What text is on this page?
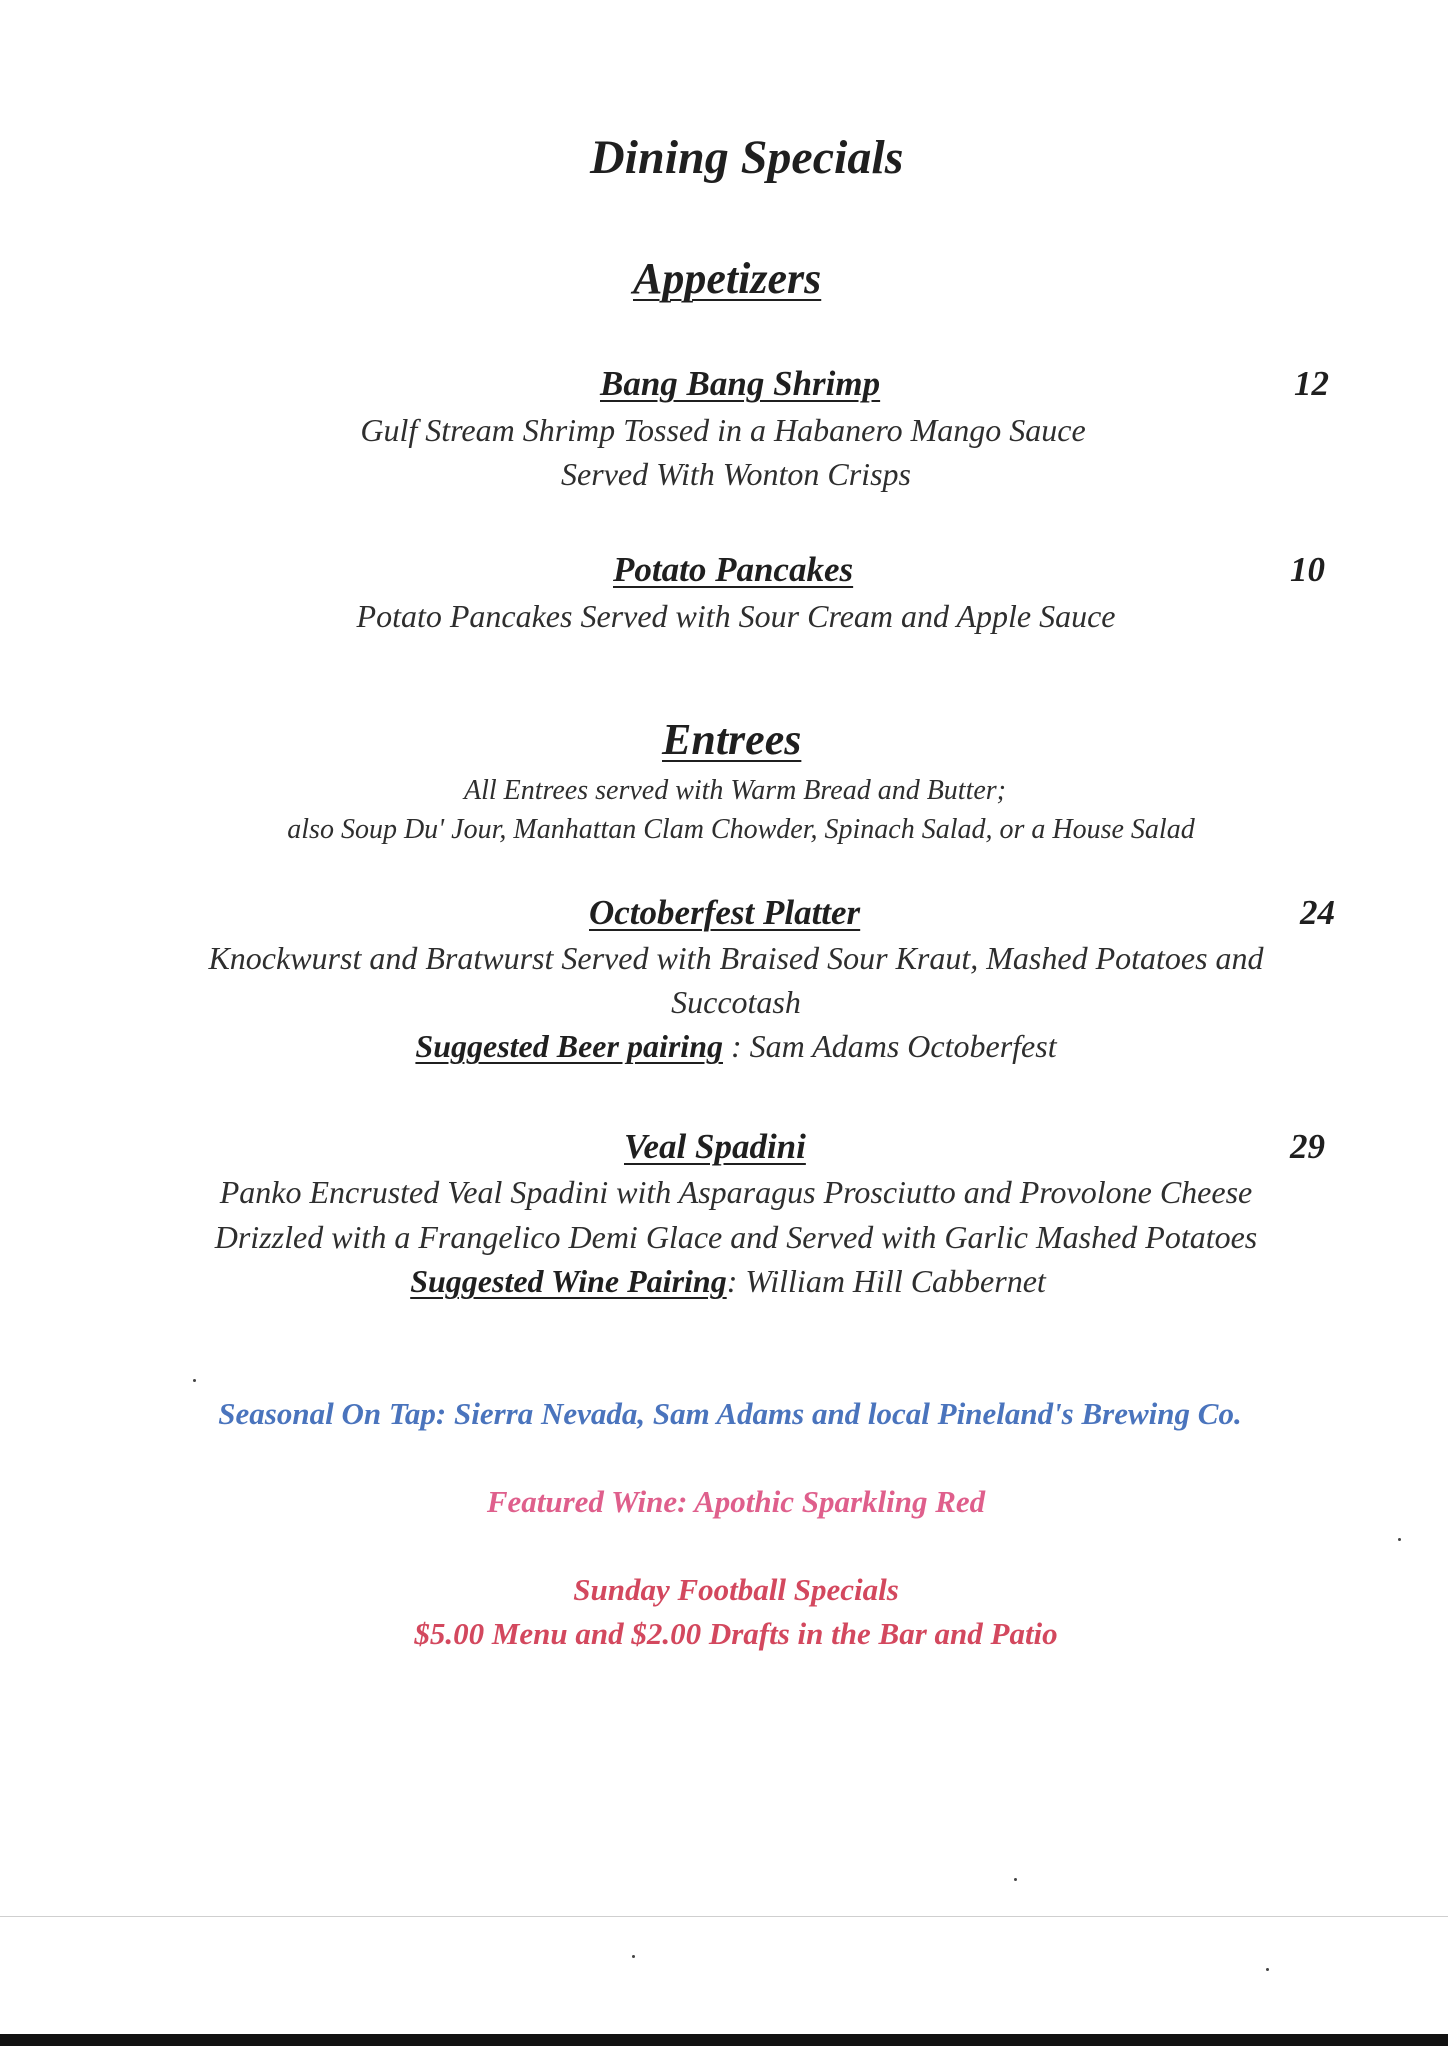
Dining Specials
Appetizers
Bang Bang Shrimp	12
Gulf Stream Shrimp Tossed in a Habanero Mango Sauce
Served With Wonton Crisps
Potato Pancakes	10
Potato Pancakes Served with Sour Cream and Apple Sauce
Entrees
All Entrees served with Warm Bread and Butter;
also Soup Du' Jour, Manhattan Clam Chowder, Spinach Salad, or a House Salad
Octoberfest Platter	24
Knockwurst and Bratwurst Served with Braised Sour Kraut, Mashed Potatoes and
Succotash
Suggested Beer pairing : Sam Adams Octoberfest
Veal Spadini	29
Panko Encrusted Veal Spadini with Asparagus Prosciutto and Provolone Cheese
Drizzled with a Frangelico Demi Glace and Served with Garlic Mashed Potatoes
Suggested Wine Pairing: William Hill Cabbernet
Seasonal On Tap: Sierra Nevada, Sam Adams and local Pineland's Brewing Co.
Featured Wine: Apothic Sparkling Red
Sunday Football Specials
$5.00 Menu and $2.00 Drafts in the Bar and Patio
